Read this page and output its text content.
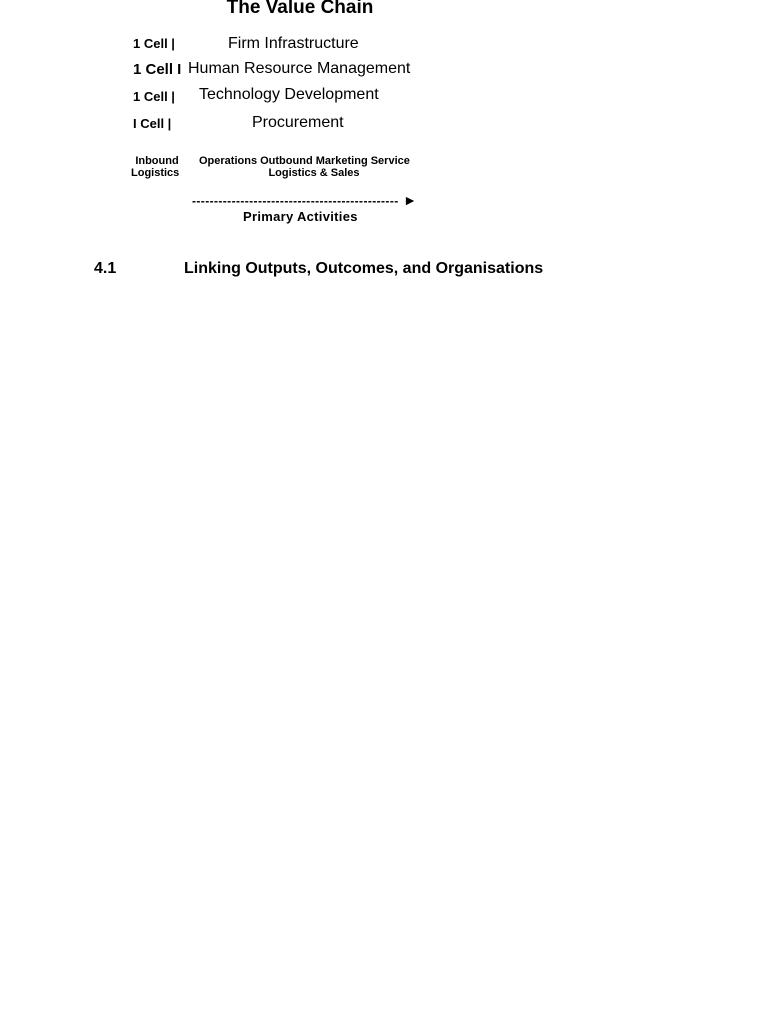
The Value Chain
1 Cell |	Firm Infrastructure
1 Cell I Human Resource Management
1 Cell | Technology Development
I Cell |	Procurement
Inbound
Logistics
Operations Outbound Marketing Service
Logistics & Sales
----------------------------------------------- ►
Primary Activities
4.1	Linking Outputs, Outcomes, and Organisations
